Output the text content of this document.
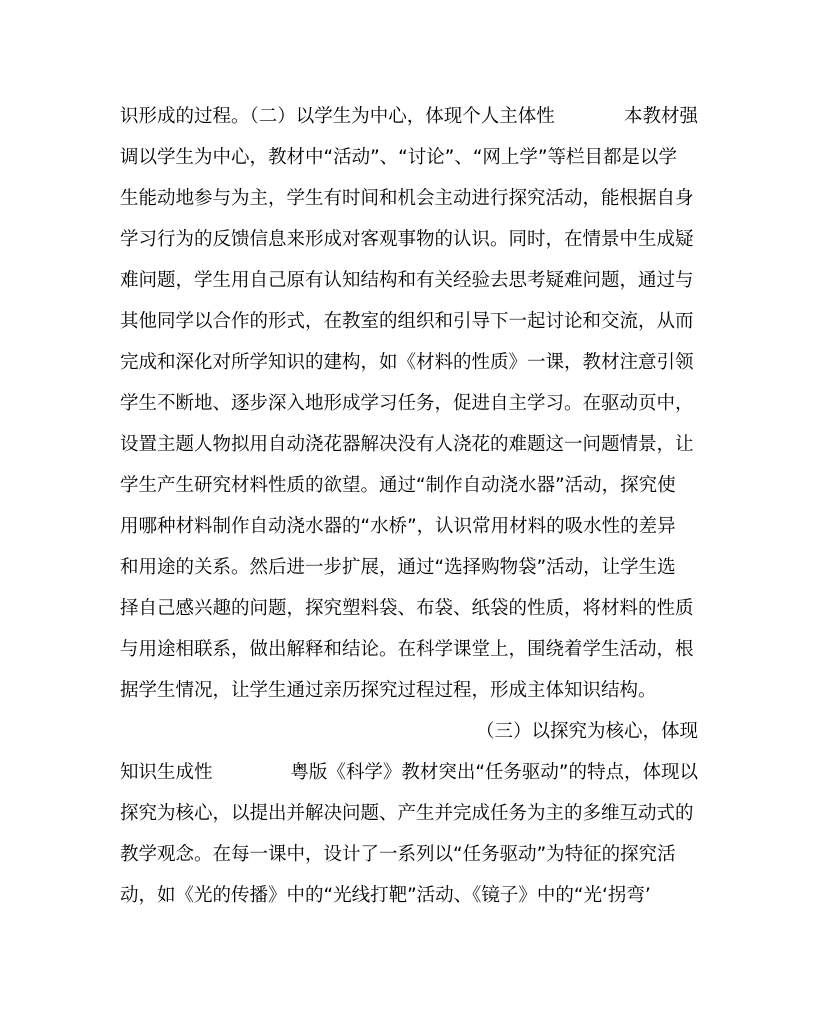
识形成的过程。（二）以学生为中心，体现个人主体性	本教材强
调以学生为中心，教材中“活动”、“讨论”、“网上学”等栏目都是以学
生能动地参与为主，学生有时间和机会主动进行探究活动，能根据自身
学习行为的反馈信息来形成对客观事物的认识。同时，在情景中生成疑
难问题，学生用自己原有认知结构和有关经验去思考疑难问题，通过与
其他同学以合作的形式，在教室的组织和引导下一起讨论和交流，从而
完成和深化对所学知识的建构，如《材料的性质》一课，教材注意引领
学生不断地、逐步深入地形成学习任务，促进自主学习。在驱动页中，
设置主题人物拟用自动浇花器解决没有人浇花的难题这一问题情景，让
学生产生研究材料性质的欲望。通过“制作自动浇水器”活动，探究使
用哪种材料制作自动浇水器的“水桥”，认识常用材料的吸水性的差异
和用途的关系。然后进一步扩展，通过“选择购物袋”活动，让学生选
择自己感兴趣的问题，探究塑料袋、布袋、纸袋的性质，将材料的性质
与用途相联系，做出解释和结论。在科学课堂上，围绕着学生活动，根
据学生情况，让学生通过亲历探究过程过程，形成主体知识结构。
（三）以探究为核心，体现
知识生成性	粤版《科学》教材突出“任务驱动”的特点，体现以
探究为核心，以提出并解决问题、产生并完成任务为主的多维互动式的
教学观念。在每一课中，设计了一系列以“任务驱动”为特征的探究活
动，如《光的传播》中的“光线打靶”活动、《镜子》中的“光‘拐弯’
